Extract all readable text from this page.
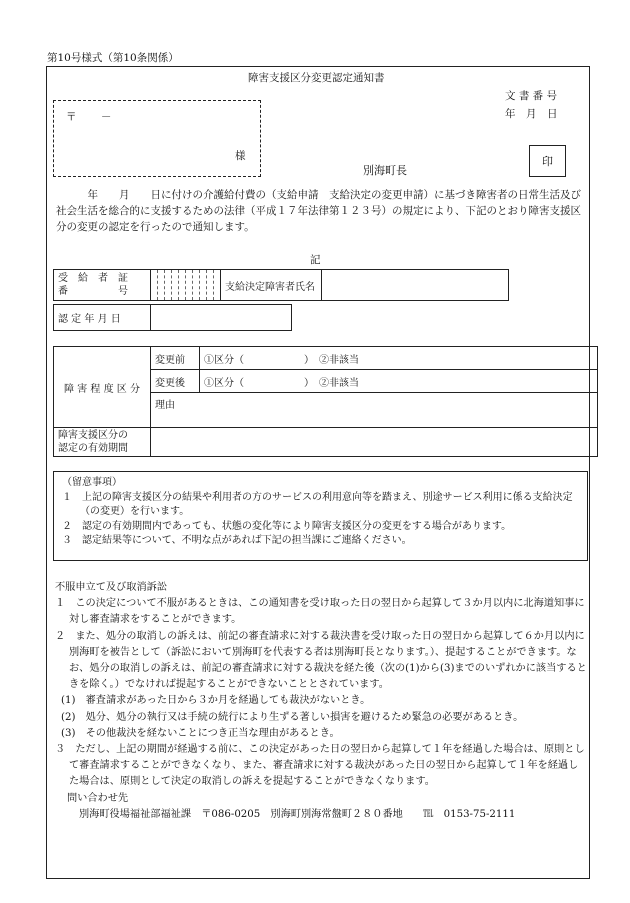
第10号様式（第10条関係）
障害支援区分変更認定通知書
文 書 番 号
年　月　日
〒　　 －
様
別海町長
印
　　　年　　月　　日に付けの介護給付費の（支給申請　支給決定の変更申請）に基づき障害者の日常生活及び社会生活を総合的に支援するための法律（平成１７年法律第１２３号）の規定により、下記のとおり障害支援区分の変更の認定を行ったので通知します。
記
受　給　者　証
番　　　　　号											支給決定障害者氏名	
認 定 年 月 日	
障 害 程 度 区 分	変更前	①区分（　　　　　　）　②非該当
	変更後	①区分（　　　　　　）　②非該当
	理由	

障害支援区分の
認定の有効期間		

（留意事項）
１　上記の障害支援区分の結果や利用者の方のサービスの利用意向等を踏まえ、別途サービス利用に係る支給決定（の変更）を行います。
２　認定の有効期間内であっても、状態の変化等により障害支援区分の変更をする場合があります。
３　認定結果等について、不明な点があれば下記の担当課にご連絡ください。
不服申立て及び取消訴訟
１　この決定について不服があるときは、この通知書を受け取った日の翌日から起算して３か月以内に北海道知事に対し審査請求をすることができます。
２　また、処分の取消しの訴えは、前記の審査請求に対する裁決書を受け取った日の翌日から起算して６か月以内に別海町を被告として（訴訟において別海町を代表する者は別海町長となります。）、提起することができます。なお、処分の取消しの訴えは、前記の審査請求に対する裁決を経た後（次の(1)から(3)までのいずれかに該当するときを除く。）でなければ提起することができないこととされています。
(1)　審査請求があった日から３か月を経過しても裁決がないとき。
(2)　処分、処分の執行又は手続の続行により生ずる著しい損害を避けるため緊急の必要があるとき。
(3)　その他裁決を経ないことにつき正当な理由があるとき。
３　ただし、上記の期間が経過する前に、この決定があった日の翌日から起算して１年を経過した場合は、原則として審査請求することができなくなり、また、審査請求に対する裁決があった日の翌日から起算して１年を経過した場合は、原則として決定の取消しの訴えを提起することができなくなります。
問い合わせ先
別海町役場福祉部福祉課　〒086-0205　別海町別海常盤町２８０番地　　℡　0153-75-2111
